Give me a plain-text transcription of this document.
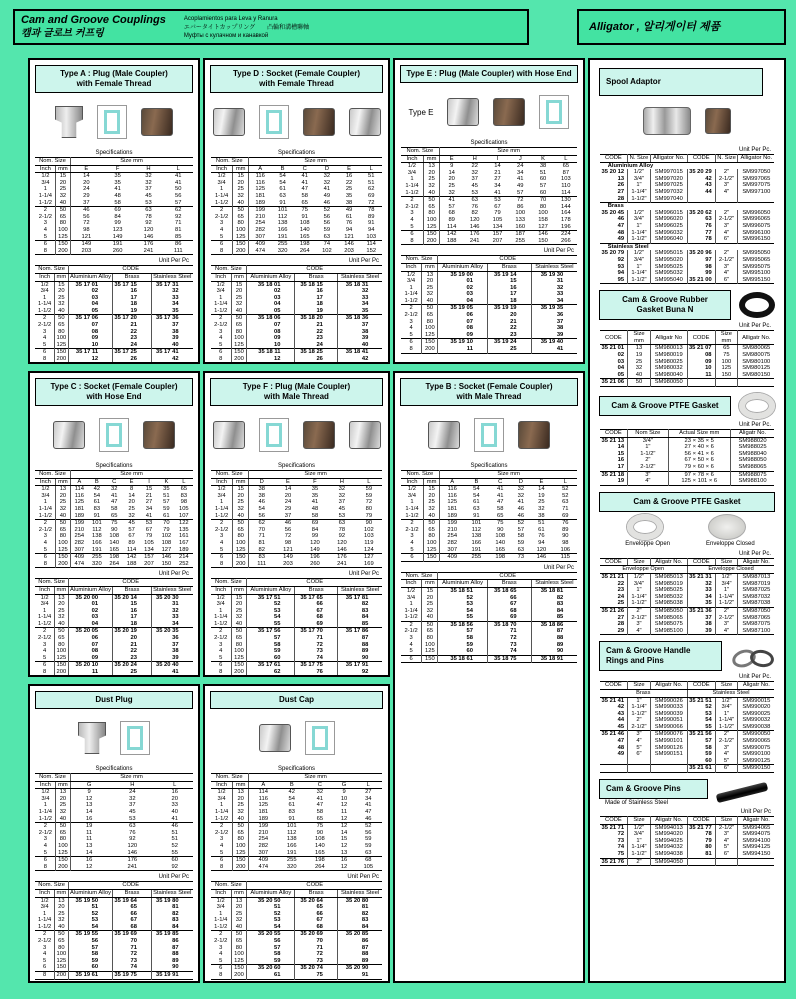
Cam and Groove Couplings
캠과 글로브 커프링
Acoplamientos para Leva y Ranura
エバータイトカップリング　　凸輪和溝槽聯軸
Муфты с кулачном и канавкой
Alligator , 알리게이터 제품
Type A : Plug (Male Coupler)
with Female Thread
Specifications
Nom. Size		Size mm			
Inch	mm	E	F	H	L
1/2	15	14	35	32	41
3/4	20	20	35	32	41
1	25	24	41	37	50
1-1/4	32	29	48	45	56
1-1/2	40	37	58	53	57
2	50	46	69	63	62
2-1/2	65	56	84	78	92
3	80	72	99	92	71
4	100	98	123	120	81
5	125	121	149	146	85
6	150	149	191	176	86
8	200	203	260	241	111
Unit Per Pc
Nom. Size		CODE		
Inch	mm	Aluminium Alloy	Brass	Stainless Steel
1/2	15	35 17 01	35 17 15	35 17 31
3/4	20	02	16	32
1	25	03	17	33
1-1/4	32	04	18	34
1-1/2	40	05	19	35
2	50	35 17 06	35 17 20	35 17 36
2-1/2	65	07	21	37
3	80	08	22	38
4	100	09	23	39
5	125	10	24	40
6	150	35 17 11	35 17 25	35 17 41
8	200	12	26	42
Type C : Socket (Female Coupler)
with Hose End
Specifications
Nom. Size		Size mm						
Inch	mm	A	B	C	E	I	K	L
1/2	13	114	42	32	8	15	35	65
3/4	20	116	54	41	14	21	51	83
1	25	125	61	47	20	27	57	98
1-1/4	32	181	83	58	25	34	59	105
1-1/2	40	189	91	65	32	41	61	107
2	50	199	101	75	45	53	70	122
2-1/2	65	210	112	90	57	67	79	135
3	80	254	138	108	67	79	102	161
4	100	282	166	140	89	105	108	167
5	125	307	191	165	114	134	127	189
6	150	409	255	198	142	157	146	214
8	200	474	320	264	188	207	150	252
Unit Per Pc
Nom. Size		CODE		
Inch	mm	Aluminium Alloy	Brass	Stainless Steel
1/2	13	35 20 00	35 20 14	35 20 30
3/4	20	01	15	31
1	25	02	16	32
1-1/4	32	03	17	33
1-1/2	40	04	18	34
2	50	35 20 05	35 20 19	35 20 35
2-1/2	65	06	20	36
3	80	07	21	37
4	100	08	22	38
5	125	09	23	39
6	150	35 20 10	35 20 24	35 20 40
8	200	11	25	41
Dust Plug
Specifications
Nom. Size		Size mm		
Inch	mm	G	H	L
1/2	13	9	24	16
3/4	20	12	32	20
1	25	13	37	33
1-1/4	32	14	45	40
1-1/2	40	16	53	41
2	50	19	63	46
2-1/2	65	11	76	51
3	80	11	92	51
4	100	13	120	52
5	125	14	146	55
6	150	16	176	60
8	200	12	241	92
Unit Per Pc
Nom. Size		CODE		
Inch	mm	Aluminium Alloy	Brass	Stainless Steel
1/2	13	35 19 50	35 19 64	35 19 80
3/4	20	51	65	81
1	25	52	66	82
1-1/4	32	53	67	83
1-1/2	40	54	68	84
2	50	35 19 55	35 19 69	35 19 85
2-1/2	65	56	70	86
3	80	57	71	87
4	100	58	72	88
5	125	59	73	89
6	150	60	74	90
8	200	35 19 61	35 19 75	35 19 91
Type D : Socket (Female Coupler)
with Female Thread
Specifications
Nom. Size		Size mm					
Inch	mm	A	B	C	D	E	L
1/2	15	116	54	41	32	16	51
3/4	20	116	54	41	32	22	51
1	25	125	61	47	41	25	62
1-1/4	32	181	63	58	49	35	69
1-1/2	40	189	91	65	46	38	72
2	50	199	101	75	52	49	78
2-1/2	65	210	112	91	56	61	89
3	80	254	138	108	56	76	91
4	100	282	166	140	59	94	94
5	125	307	191	165	63	121	103
6	150	409	255	198	74	146	114
8	200	474	320	264	102	203	152
Unit Per Pc
Nom. Size		CODE		
Inch	mm	Aluminium Alloy	Brass	Stainless Steel
1/2	15	35 18 01	35 18 15	35 18 31
3/4	20	02	16	32
1	25	03	17	33
1-1/4	32	04	18	34
1-1/2	40	05	19	35
2	50	35 18 06	35 18 20	35 18 36
2-1/2	65	07	21	37
3	80	08	22	38
4	100	09	23	39
5	125	10	24	40
6	150	35 18 11	35 18 25	35 18 41
8	200	12	26	42
Type F : Plug (Male Coupler)
with Male Thread
Specifications
Nom. Size		Size mm				
Inch	mm	D	E	F	H	L
1/2	15	38	14	35	32	59
3/4	20	38	20	35	32	59
1	25	46	24	41	37	72
1-1/4	32	54	29	48	45	80
1-1/2	40	56	37	58	53	79
2	50	62	46	69	63	90
2-1/2	65	70	56	84	78	102
3	80	71	72	99	92	103
4	100	81	98	120	120	119
5	125	82	121	149	146	124
6	150	83	149	196	176	127
8	200	111	203	260	241	169
Unit Per Pc
Nom. Size		CODE		
Inch	mm	Aluminium Alloy	Brass	Stainless Steel
1/2	15	35 17 51	35 17 65	35 17 81
3/4	20	52	66	82
1	25	53	67	83
1-1/4	32	54	68	84
1-1/2	40	55	69	85
2	50	35 17 56	35 17 70	35 17 86
2-1/2	65	57	71	87
3	80	58	72	88
4	100	59	73	89
5	125	60	74	90
6	150	35 17 61	35 17 75	35 17 91
8	200	62	76	92
Dust Cap
Specifications
Nom. Size		Size mm				
Inch	mm	A	B	C	G	L
1/2	13	114	42	32	9	27
3/4	20	116	54	41	10	34
1	25	125	61	47	12	41
1-1/4	32	181	83	58	11	47
1-1/2	40	189	91	65	12	46
2	50	199	101	75	12	52
2-1/2	65	210	112	90	14	56
3	80	254	138	108	15	59
4	100	282	166	140	12	59
5	125	307	191	165	13	63
6	150	409	255	198	16	68
8	200	474	320	264	12	105
Unit Pen Pc
Nom. Size		CODE		
Inch	mm	Aluminium Alloy	Brass	Stainless Steel
1/2	13	35 20 50	35 20 64	35 20 80
3/4	20	51	65	81
1	25	52	66	82
1-1/4	32	53	67	83
1-1/2	40	54	68	84
2	50	35 20 55	35 20 69	35 20 85
2-1/2	65	56	70	86
3	80	57	71	87
4	100	58	72	88
5	125	59	73	89
6	150	35 20 60	35 20 74	35 20 90
8	200	61	75	91
Type E : Plug (Male Coupler) with Hose End
Type E
Specifications
Nom. Size		Size mm					
Inch	mm	E	H	I	J	K	L
1/2	13	9	22	14	24	38	65
3/4	20	14	32	21	34	51	87
1	25	20	37	27	41	60	103
1-1/4	32	25	45	34	49	57	110
1-1/2	40	32	53	41	57	60	114
2	50	41	63	53	72	70	130
2-1/2	65	57	76	67	86	80	144
3	80	68	82	79	100	100	164
4	100	89	120	105	133	158	178
5	125	114	146	134	160	127	196
6	150	142	176	157	187	146	224
8	200	188	241	207	255	150	266
Unit Per Pc
Nom. Size		CODE		
Inch	mm	Aluminium Alloy	Brass	Stainless Steel
1/2	13	35 19 00	35 19 14	35 19 30
3/4	20	01	15	31
1	25	02	16	32
1-1/4	32	03	17	33
1-1/2	40	04	18	34
2	50	35 19 05	35 19 19	35 19 35
2-1/2	65	06	20	36
3	80	07	21	37
4	100	08	22	38
5	125	09	23	39
6	150	35 19 10	35 19 24	35 19 40
8	200	11	25	41
Type B : Socket (Female Coupler)
with Male Thread
Specifications
Nom. Size		Size mm					
Inch	mm	A	B	C	D	E	L
1/2	15	116	54	41	32	14	52
3/4	20	116	54	41	32	19	52
1	25	125	61	47	41	25	63
1-1/4	32	181	63	58	46	32	71
1-1/2	40	189	91	65	46	38	69
2	50	199	101	75	52	51	76
2-1/2	65	210	112	90	57	61	89
3	80	254	138	108	58	76	90
4	100	282	166	140	59	94	98
5	125	307	191	165	63	120	106
6	150	409	255	198	73	146	115
Unit Per Pc
Nom. Size		CODE		
Inch	mm	Aluminium Alloy	Brass	Stainless Steel
1/2	15	35 18 51	35 18 65	35 18 81
3/4	20	52	66	82
1	25	53	67	83
1-1/4	32	54	68	84
1-1/2	40	55	69	85
2	50	35 18 56	35 18 70	35 18 86
2-1/2	65	57	71	87
3	80	58	72	88
4	100	59	73	89
5	125	60	74	90
6	150	35 18 61	35 18 75	35 18 91
Spool Adaptor
Unit Per Pc.
CODE	N. Size	Alligator No.	CODE	N. Size	Alligator No.
Aluminium Alloy					
35 20 12	1/2"	SM997015	35 20 29	2"	SM997050
13	3/4"	SM997020	42	2-1/2"	SM997065
26	1"	SM997025	43	3"	SM997075
27	1-1/4"	SM997032	44	4"	SM997100
28	1-1/2"	SM997040			
Brass					
35 20 45	1/2"	SM996015	35 20 62	2"	SM996050
46	3/4"	SM996020	63	2-1/2"	SM996065
47	1"	SM996025	76	3"	SM996075
48	1-1/4"	SM996032	77	4"	SM996100
49	1-1/2"	SM996040	78	6"	SM996150
Stainless Steel					
35 20 79	1/2"	SM995015	35 20 96	2"	SM995050
92	3/4"	SM995020	97	2-1/2"	SM995065
93	1"	SM995025	98	3"	SM995075
94	1-1/4"	SM995032	99	4"	SM995100
95	1-1/2"	SM995040	35 21 00	6"	SM995150
Cam & Groove Rubber
Gasket Buna N
Unit Per Pc.
CODE	Size mm	Alligatr No	CODE	Size mm	Alligatr No.
35 21 01	13	SM980013	35 21 07	65	SM980065
02	19	SM980019	08	75	SM980075
03	25	SM980025	09	100	SM980100
04	32	SM980032	10	125	SM980125
05	40	SM980040	11	150	SM980150
35 21 06	50	SM980050			
Cam & Groove PTFE Gasket
Unit Per Pc.
CODE	Nom Size	Actual Size mm	Aligatr No.
35 21 13	3/4"	23 × 35 × 5	SM988020
14	1"	27 × 40 × 6	SM988025
15	1-1/2"	56 × 41 × 6	SM988040
16	2"	67 × 50 × 6	SM988050
17	2-1/2"	79 × 60 × 6	SM988065
35 21 18	3"	97 × 78 × 6	SM988075
19	4"	125 × 101 × 6	SM988100
Cam & Groove PTFE Gasket
Enveloppe Open	Enveloppe Closed
Unit Per Pc.
CODE	Size	Aligatr No.	CODE	Size	Aligatr No.
Enveloppe Open			Enveloppe Closed		
35 21 21	1/2"	SM985013	35 21 31	1/2"	SM987013
22	3/4"	SM985019	32	3/4"	SM987019
23	1"	SM985025	33	1"	SM987025
24	1-1/4"	SM985032	34	1-1/4"	SM987032
25	1-1/2"	SM985038	35	1-1/2"	SM987038
35 21 26	2"	SM985050	35 21 36	2"	SM987050
27	2-1/2"	SM985065	37	2-1/2"	SM987065
28	3"	SM985075	38	3"	SM987075
29	4"	SM985100	39	4"	SM987100
Cam & Groove Handle
Rings and Pins
Unit Per Pc.
CODE	Size	Aligatr No.	CODE	Size	Aligatr No.
Brass			Stainless Steel		
35 21 41	1"	SM990026	35 21 51	1/2"	SM990015
42	1-1/4"	SM990033	52	3/4"	SM990020
43	1-1/2"	SM990039	53	1"	SM990025
44	2"	SM990051	54	1-1/4"	SM990032
45	2-1/2"	SM990066	55	1-1/2"	SM990038
35 21 46	3"	SM990076	35 21 56	2"	SM990050
47	4"	SM990101	57	2-1/2"	SM990065
48	5"	SM990126	58	3"	SM990075
49	6"	SM990151	59	4"	SM990100
			60	5"	SM990125
			35 21 61	6"	SM990150
Cam & Groove Pins
Made of Stainless Steel
Unit Per Pc
CODE	Size	Aligatr No.	CODE	Size	Aligatr No.
35 21 71	1/2"	SM994013	35 21 77	2-1/2"	SM994065
72	3/4"	SM994020	78	3"	SM994075
73	1"	SM994025	79	4"	SM994100
74	1-1/4"	SM994032	80	5"	SM994125
75	1-1/2"	SM994038	81	6"	SM994150
35 21 76	2"	SM994050			
